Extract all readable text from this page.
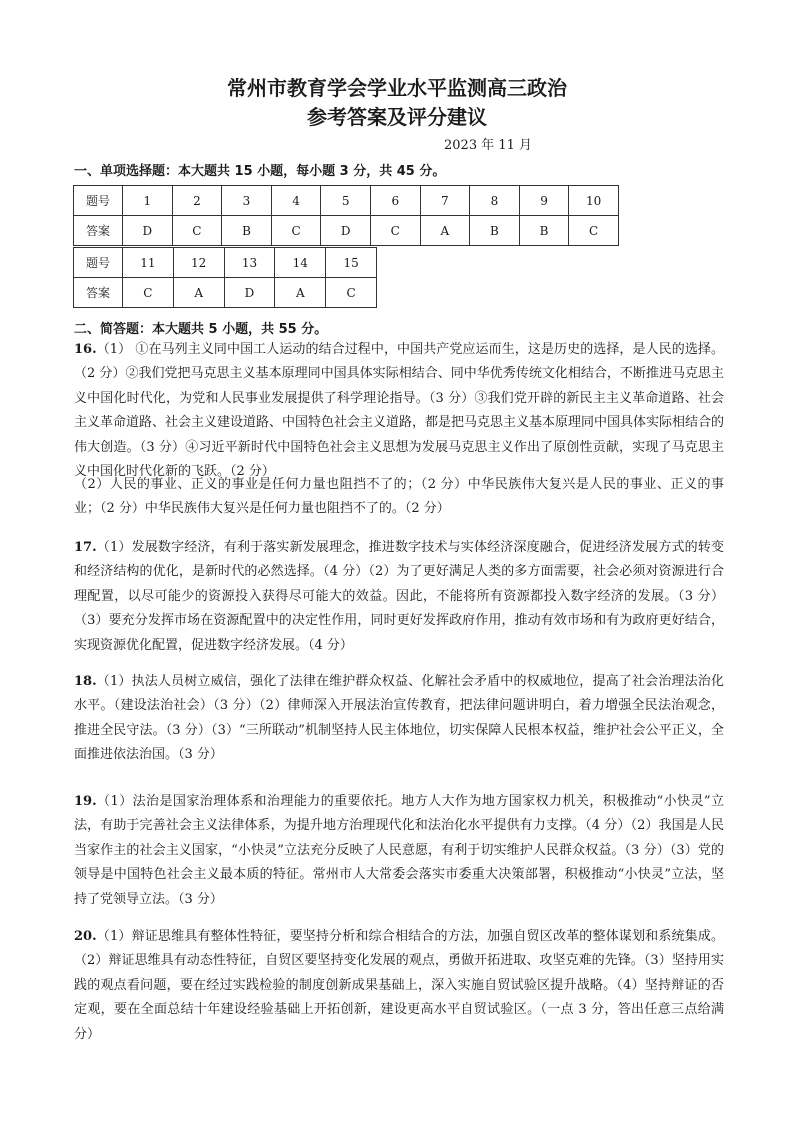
常州市教育学会学业水平监测高三政治
参考答案及评分建议
2023 年 11 月
一、单项选择题：本大题共 15 小题，每小题 3 分，共 45 分。
题号	1	2	3	4	5	6	7	8	9	10
答案	D	C	B	C	D	C	A	B	B	C
题号	11	12	13	14	15
答案	C	A	D	A	C
二、简答题：本大题共 5 小题，共 55 分。
16.（1） ①在马列主义同中国工人运动的结合过程中，中国共产党应运而生，这是历史的选择，是人民的选择。（2 分）②我们党把马克思主义基本原理同中国具体实际相结合、同中华优秀传统文化相结合，不断推进马克思主义中国化时代化，为党和人民事业发展提供了科学理论指导。（3 分）③我们党开辟的新民主主义革命道路、社会主义革命道路、社会主义建设道路、中国特色社会主义道路，都是把马克思主义基本原理同中国具体实际相结合的伟大创造。（3 分）④习近平新时代中国特色社会主义思想为发展马克思主义作出了原创性贡献，实现了马克思主义中国化时代化新的飞跃。（2 分）
（2）人民的事业、正义的事业是任何力量也阻挡不了的；（2 分）中华民族伟大复兴是人民的事业、正义的事业；（2 分）中华民族伟大复兴是任何力量也阻挡不了的。（2 分）
17.（1）发展数字经济，有利于落实新发展理念，推进数字技术与实体经济深度融合，促进经济发展方式的转变和经济结构的优化，是新时代的必然选择。（4 分）（2）为了更好满足人类的多方面需要，社会必须对资源进行合理配置，以尽可能少的资源投入获得尽可能大的效益。因此，不能将所有资源都投入数字经济的发展。（3 分）（3）要充分发挥市场在资源配置中的决定性作用，同时更好发挥政府作用，推动有效市场和有为政府更好结合，实现资源优化配置，促进数字经济发展。（4 分）
18.（1）执法人员树立威信，强化了法律在维护群众权益、化解社会矛盾中的权威地位，提高了社会治理法治化水平。（建设法治社会）（3 分）（2）律师深入开展法治宣传教育，把法律问题讲明白，着力增强全民法治观念，推进全民守法。（3 分）（3）“三所联动”机制坚持人民主体地位，切实保障人民根本权益，维护社会公平正义，全面推进依法治国。（3 分）
19.（1）法治是国家治理体系和治理能力的重要依托。地方人大作为地方国家权力机关，积极推动“小快灵”立法，有助于完善社会主义法律体系，为提升地方治理现代化和法治化水平提供有力支撑。（4 分）（2）我国是人民当家作主的社会主义国家，“小快灵”立法充分反映了人民意愿，有利于切实维护人民群众权益。（3 分）（3）党的领导是中国特色社会主义最本质的特征。常州市人大常委会落实市委重大决策部署，积极推动“小快灵”立法，坚持了党领导立法。（3 分）
20.（1）辩证思维具有整体性特征，要坚持分析和综合相结合的方法，加强自贸区改革的整体谋划和系统集成。（2）辩证思维具有动态性特征，自贸区要坚持变化发展的观点，勇做开拓进取、攻坚克难的先锋。（3）坚持用实践的观点看问题，要在经过实践检验的制度创新成果基础上，深入实施自贸试验区提升战略。（4）坚持辩证的否定观，要在全面总结十年建设经验基础上开拓创新，建设更高水平自贸试验区。（一点 3 分，答出任意三点给满分）
